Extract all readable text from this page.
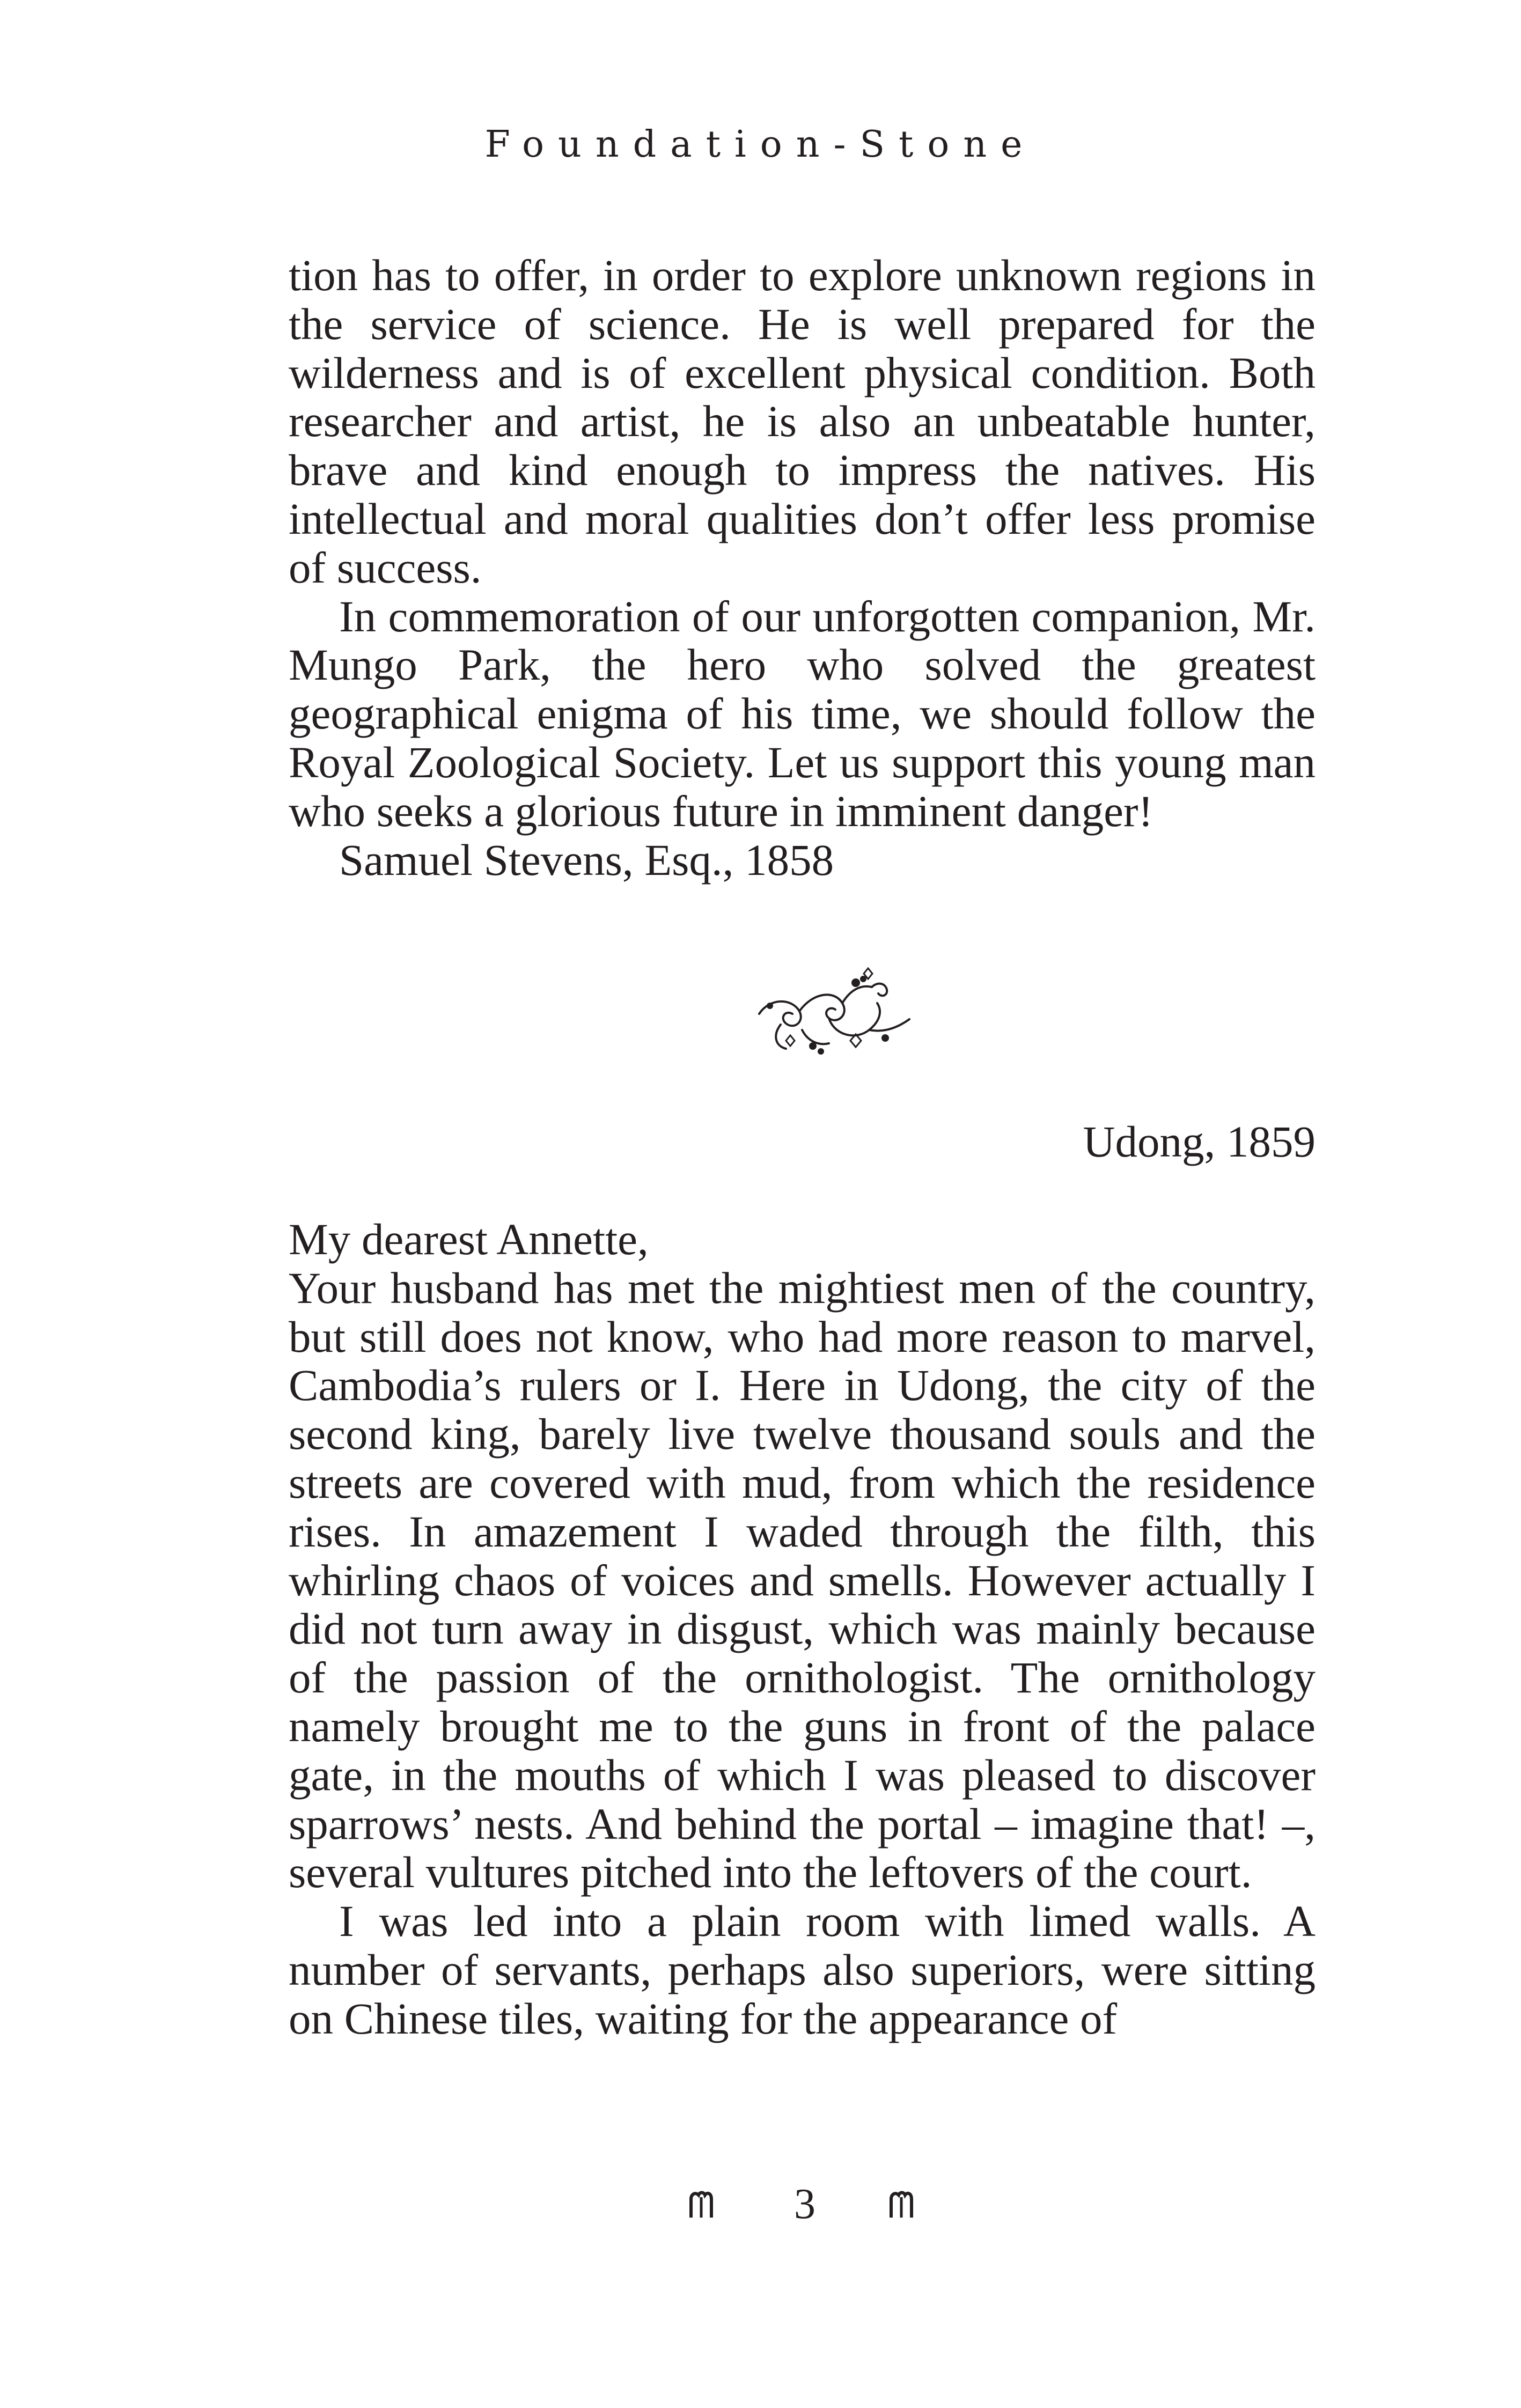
Foundation-Stone

tion has to offer, in order to explore unknown regions in the service of science. He is well prepared for the wilderness and is of excellent physical condition. Both researcher and artist, he is also an unbeatable hunter, brave and kind enough to impress the natives. His intellectual and moral qualities don’t offer less promise of success.

In commemoration of our unforgotten companion, Mr. Mungo Park, the hero who solved the greatest geographical enigma of his time, we should follow the Royal Zoological Society. Let us support this young man who seeks a glorious future in imminent danger!

Samuel Stevens, Esq., 1858

Udong, 1859

My dearest Annette,

Your husband has met the mightiest men of the country, but still does not know, who had more reason to marvel, Cambodia’s rulers or I. Here in Udong, the city of the second king, barely live twelve thousand souls and the streets are covered with mud, from which the residence rises. In amazement I waded through the filth, this whirling chaos of voices and smells. However actually I did not turn away in disgust, which was mainly because of the passion of the ornithologist. The ornithology namely brought me to the guns in front of the palace gate, in the mouths of which I was pleased to discover sparrows’ nests. And behind the portal – imagine that! –, several vultures pitched into the leftovers of the court.

I was led into a plain room with limed walls. A number of servants, perhaps also superiors, were sitting on Chinese tiles, waiting for the appearance of

3
